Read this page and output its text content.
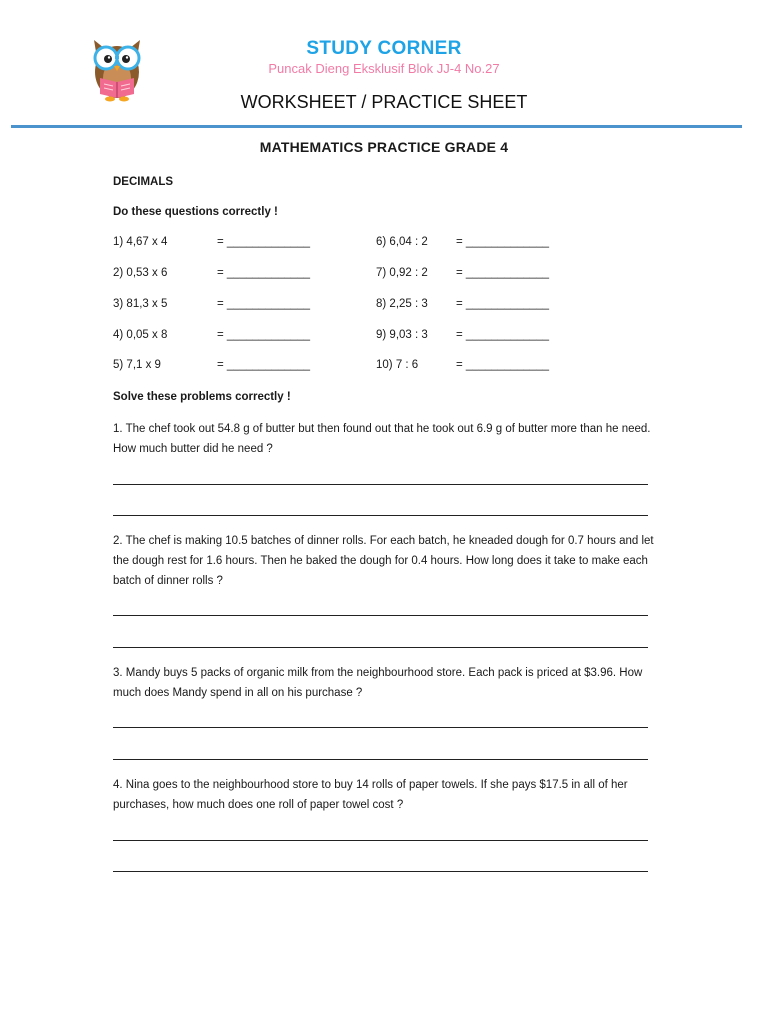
STUDY CORNER
Puncak Dieng Eksklusif Blok JJ-4 No.27
WORKSHEET / PRACTICE SHEET
MATHEMATICS PRACTICE GRADE 4
DECIMALS
Do these questions correctly !
1) 4,67 x 4	= _____________
2) 0,53 x 6	= _____________
3) 81,3 x 5	= _____________
4) 0,05 x 8	= _____________
5) 7,1 x 9	= _____________
6) 6,04 : 2 = _____________
7) 0,92 : 2 = _____________
8) 2,25 : 3 = _____________
9) 9,03 : 3 = _____________
10) 7 : 6	= _____________
Solve these problems correctly !
1. The chef took out 54.8 g of butter but then found out that he took out 6.9 g of butter more than he need. How much butter did he need ?
2. The chef is making 10.5 batches of dinner rolls. For each batch, he kneaded dough for 0.7 hours and let the dough rest for 1.6 hours. Then he baked the dough for 0.4 hours. How long does it take to make each batch of dinner rolls ?
3. Mandy buys 5 packs of organic milk from the neighbourhood store. Each pack is priced at $3.96. How much does Mandy spend in all on his purchase ?
4. Nina goes to the neighbourhood store to buy 14 rolls of paper towels. If she pays $17.5 in all of her purchases, how much does one roll of paper towel cost ?
